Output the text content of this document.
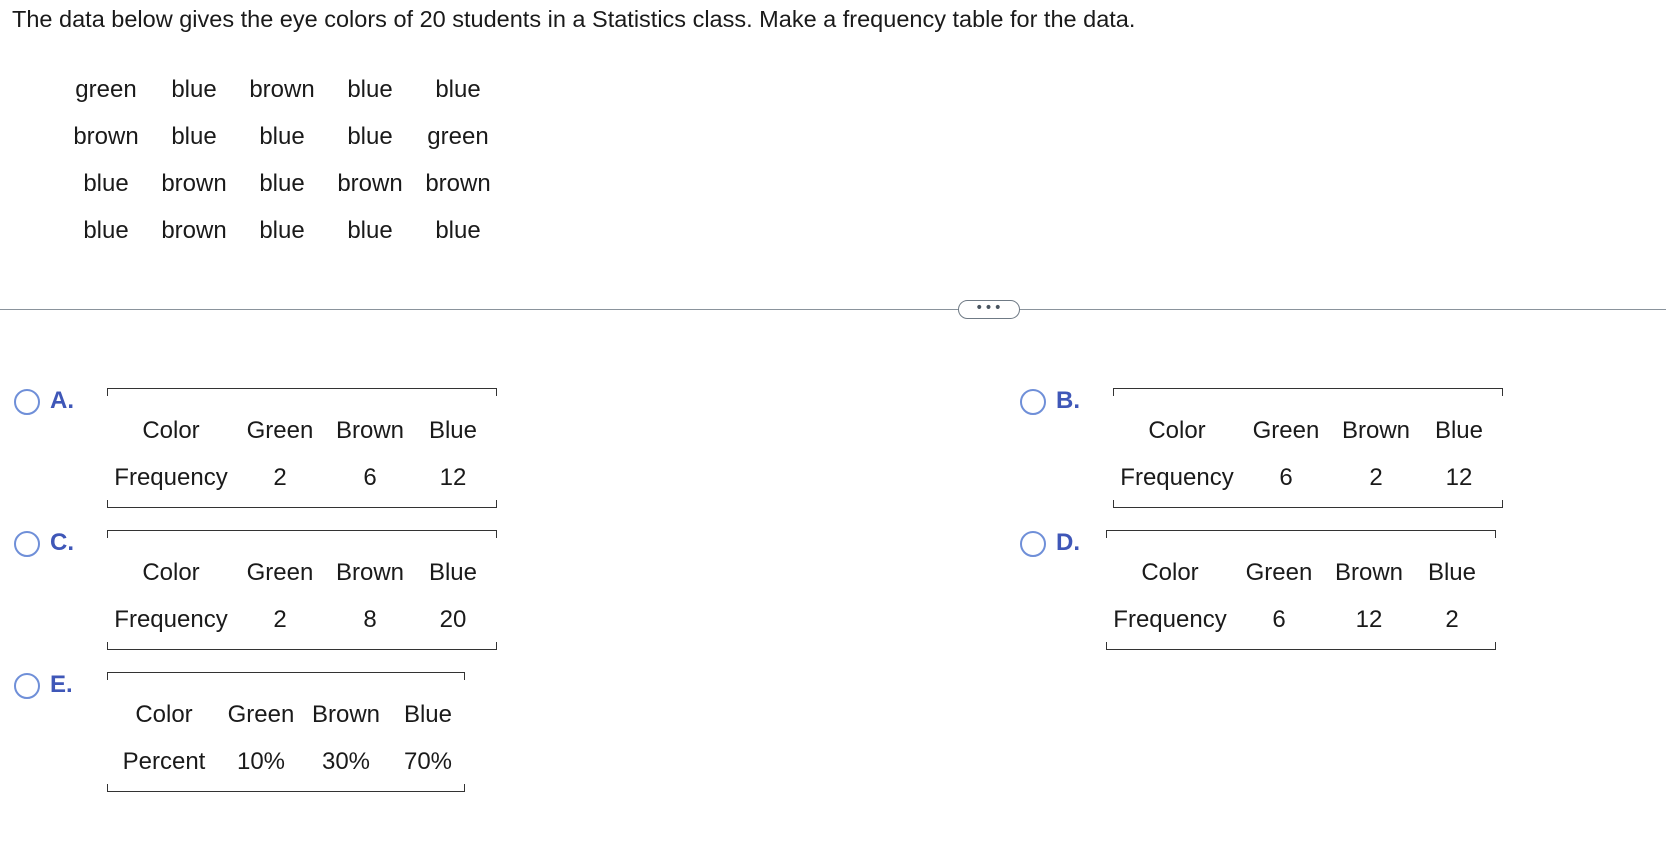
The data below gives the eye colors of 20 students in a Statistics class. Make a frequency table for the data.
green	blue	brown	blue	blue
brown	blue	blue	blue	green
blue	brown	blue	brown	brown
blue	brown	blue	blue	blue
•••
A.
Color	Green	Brown	Blue
Frequency	2	6	12
B.
Color	Green	Brown	Blue
Frequency	6	2	12
C.
Color	Green	Brown	Blue
Frequency	2	8	20
D.
Color	Green	Brown	Blue
Frequency	6	12	2
E.
Color	Green	Brown	Blue
Percent	10%	30%	70%
